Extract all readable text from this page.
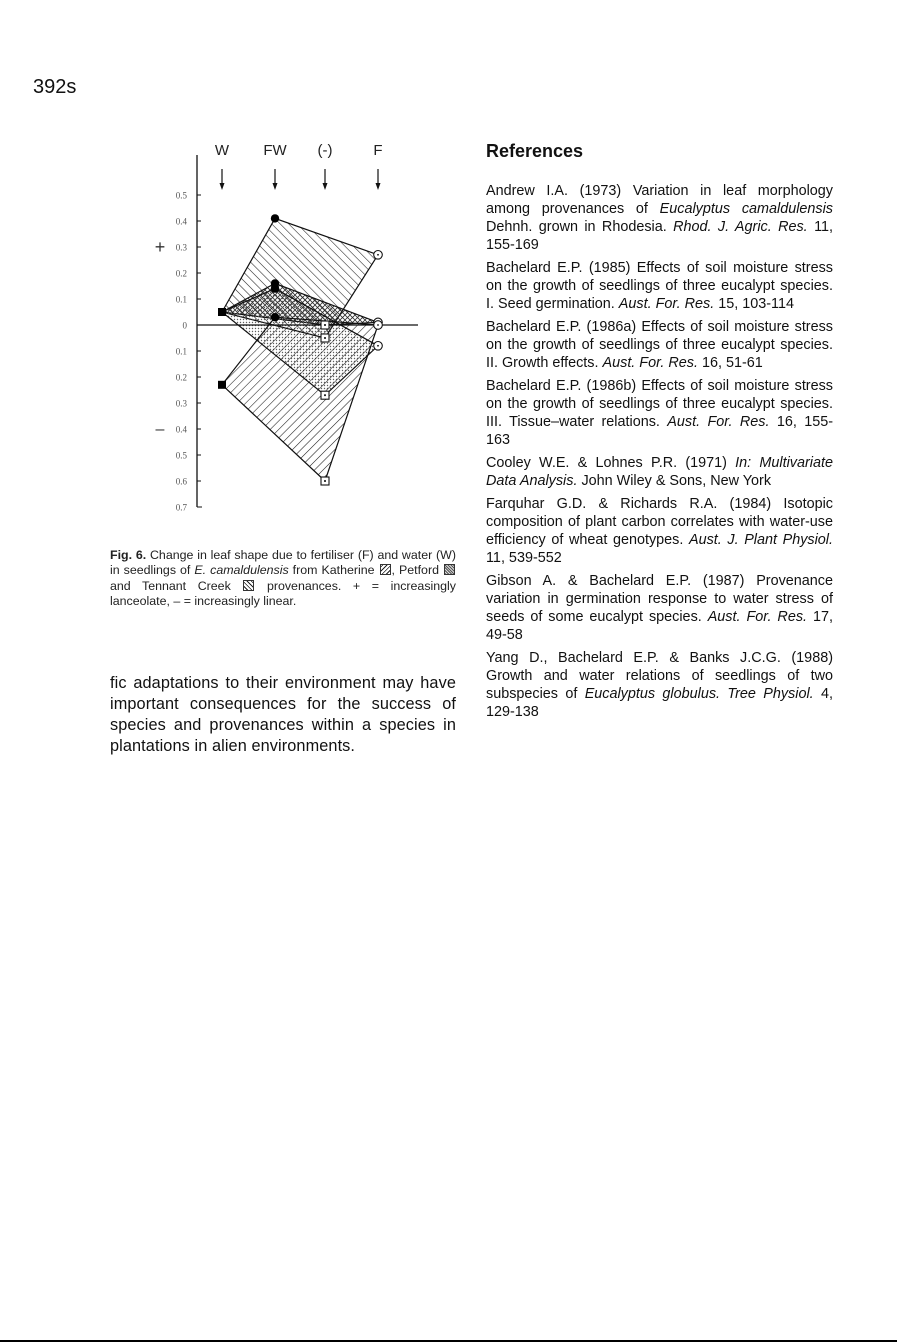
392s
0.5
0.4
0.3
0.2
0.1
0
0.1
0.2
0.3
0.4
0.5
0.6
0.7
W FW (-)	F
+
–
Fig. 6. Change in leaf shape due to fertiliser (F) and water (W) in seedlings of E. camaldulensis from Katherine , Petford  and Tennant Creek  provenances. + = increasingly lanceolate, – = increasingly linear.
fic adaptations to their environment may have important consequences for the success of species and provenances within a species in plantations in alien environments.
References
Andrew I.A. (1973) Variation in leaf morphology among provenances of Eucalyptus camaldulensis Dehnh. grown in Rhodesia. Rhod. J. Agric. Res. 11, 155-169
Bachelard E.P. (1985) Effects of soil moisture stress on the growth of seedlings of three eucalypt species. I. Seed germination. Aust. For. Res. 15, 103-114
Bachelard E.P. (1986a) Effects of soil moisture stress on the growth of seedlings of three eucalypt species. II. Growth effects. Aust. For. Res. 16, 51-61
Bachelard E.P. (1986b) Effects of soil moisture stress on the growth of seedlings of three eucalypt species. III. Tissue–water relations. Aust. For. Res. 16, 155-163
Cooley W.E. & Lohnes P.R. (1971) In: Multivariate Data Analysis. John Wiley & Sons, New York
Farquhar G.D. & Richards R.A. (1984) Isotopic composition of plant carbon correlates with water-use efficiency of wheat genotypes. Aust. J. Plant Physiol. 11, 539-552
Gibson A. & Bachelard E.P. (1987) Provenance variation in germination response to water stress of seeds of some eucalypt species. Aust. For. Res. 17, 49-58
Yang D., Bachelard E.P. & Banks J.C.G. (1988) Growth and water relations of seedlings of two subspecies of Eucalyptus globulus. Tree Physiol. 4, 129-138
